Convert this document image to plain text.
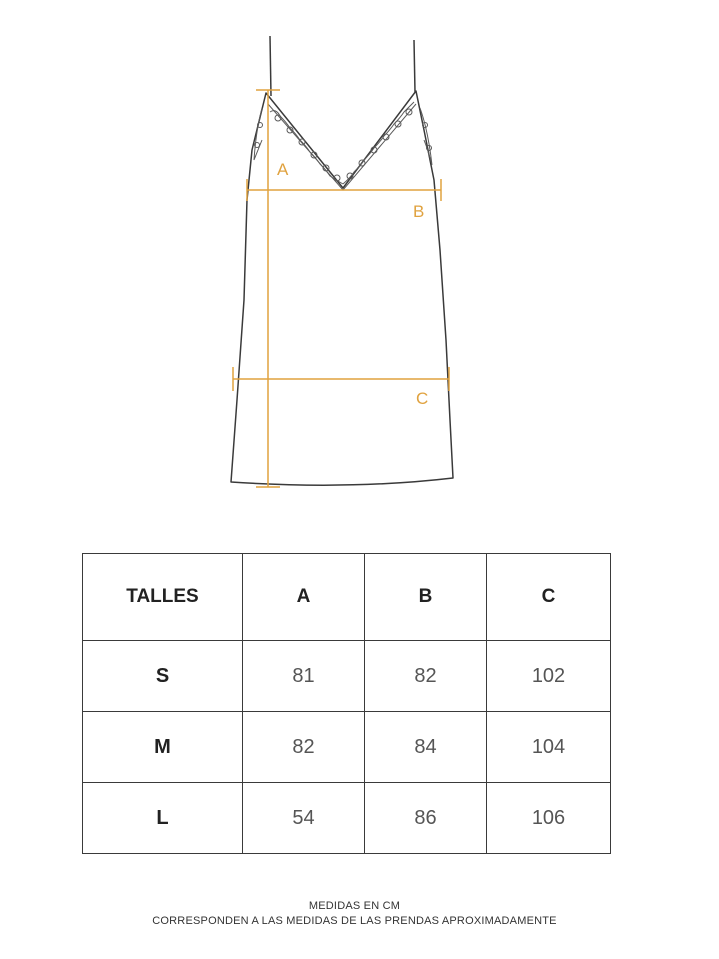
A
B
C
TALLES	A	B	C
S	81	82	102
M	82	84	104
L	54	86	106
MEDIDAS EN CM
CORRESPONDEN A LAS MEDIDAS DE LAS PRENDAS APROXIMADAMENTE
